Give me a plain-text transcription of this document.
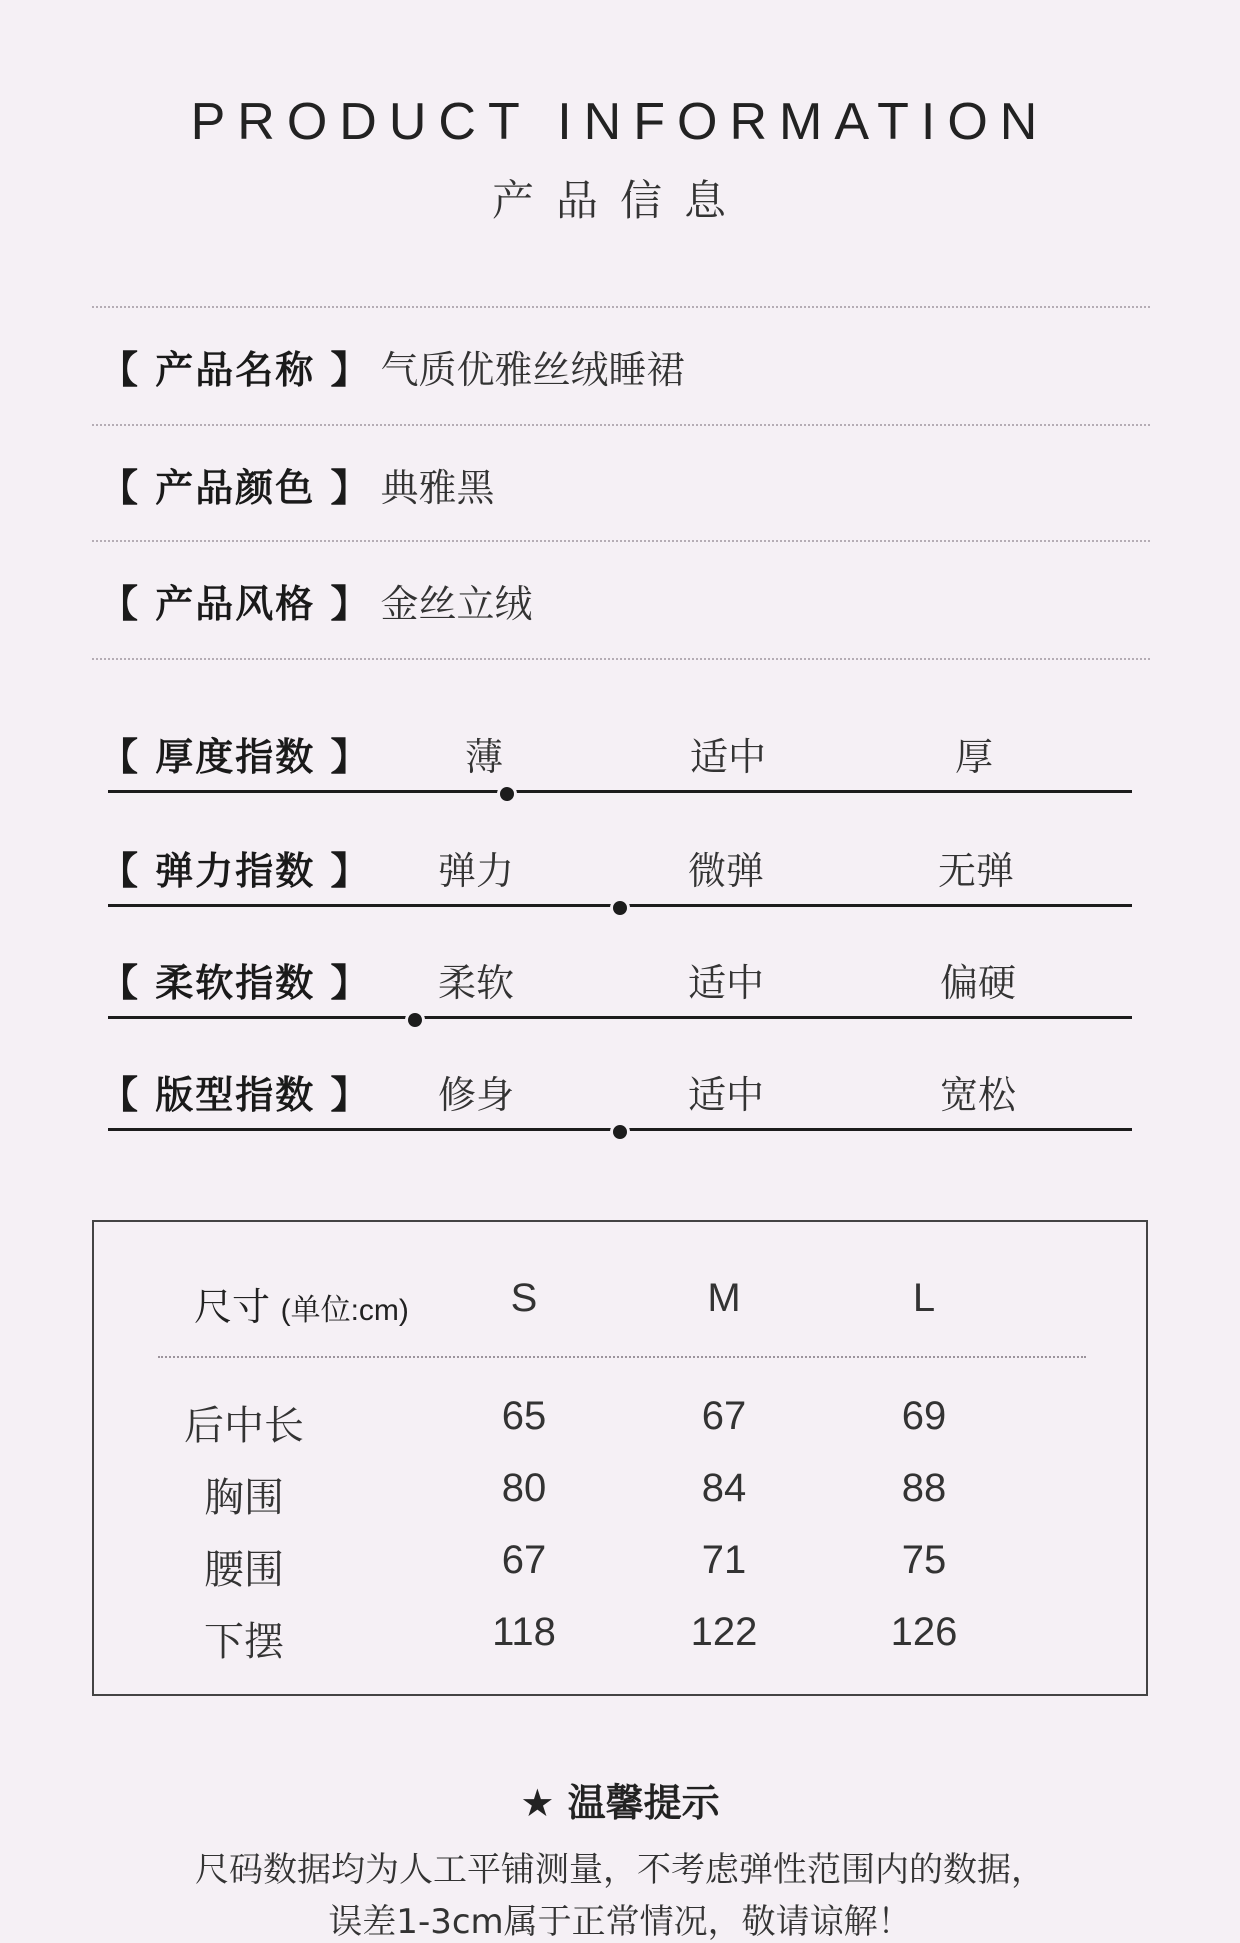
PRODUCT INFORMATION
产品信息
【 产品名称 】 气质优雅丝绒睡裙
【 产品颜色 】 典雅黑
【 产品风格 】 金丝立绒
【 厚度指数 】	薄	适中	厚
【 弹力指数 】	弹力	微弹	无弹
【 柔软指数 】	柔软	适中	偏硬
【 版型指数 】	修身	适中	宽松
尺寸 (单位:cm)	S	M	L
后中长	65	67	69
胸围	80	84	88
腰围	67	71	75
下摆	118	122	126
★ 温馨提示
尺码数据均为人工平铺测量，不考虑弹性范围内的数据，
误差1-3cm属于正常情况，敬请谅解！
